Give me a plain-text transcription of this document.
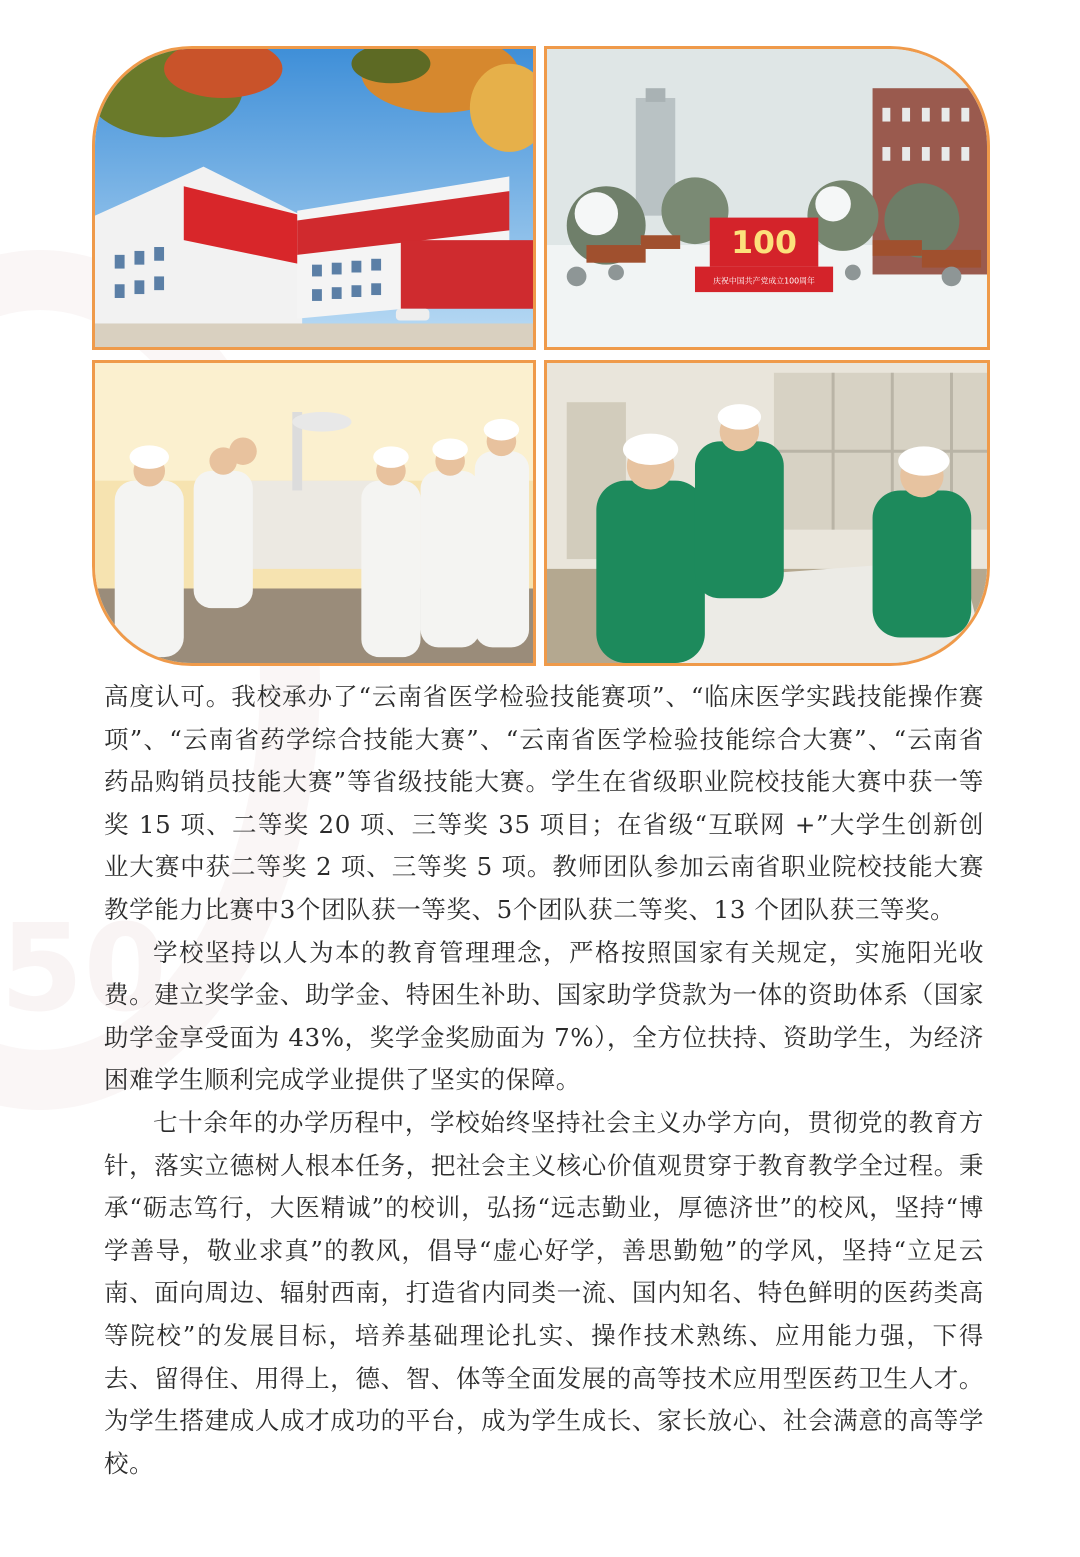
50
100
庆祝中国共产党成立100周年

高度认可。我校承办了“云南省医学检验技能赛项”、“临床医学实践技能操作赛项”、“云南省药学综合技能大赛”、“云南省医学检验技能综合大赛”、“云南省药品购销员技能大赛”等省级技能大赛。学生在省级职业院校技能大赛中获一等奖 15 项、二等奖 20 项、三等奖 35 项目；在省级“互联网 +”大学生创新创业大赛中获二等奖 2 项、三等奖 5 项。教师团队参加云南省职业院校技能大赛教学能力比赛中3个团队获一等奖、5个团队获二等奖、13 个团队获三等奖。

学校坚持以人为本的教育管理理念，严格按照国家有关规定，实施阳光收费。建立奖学金、助学金、特困生补助、国家助学贷款为一体的资助体系（国家助学金享受面为 43%，奖学金奖励面为 7%），全方位扶持、资助学生，为经济困难学生顺利完成学业提供了坚实的保障。

七十余年的办学历程中，学校始终坚持社会主义办学方向，贯彻党的教育方针，落实立德树人根本任务，把社会主义核心价值观贯穿于教育教学全过程。秉承“砺志笃行，大医精诚”的校训，弘扬“远志勤业，厚德济世”的校风，坚持“博学善导，敬业求真”的教风，倡导“虚心好学，善思勤勉”的学风，坚持“立足云南、面向周边、辐射西南，打造省内同类一流、国内知名、特色鲜明的医药类高等院校”的发展目标，培养基础理论扎实、操作技术熟练、应用能力强，下得去、留得住、用得上，德、智、体等全面发展的高等技术应用型医药卫生人才。为学生搭建成人成才成功的平台，成为学生成长、家长放心、社会满意的高等学校。
